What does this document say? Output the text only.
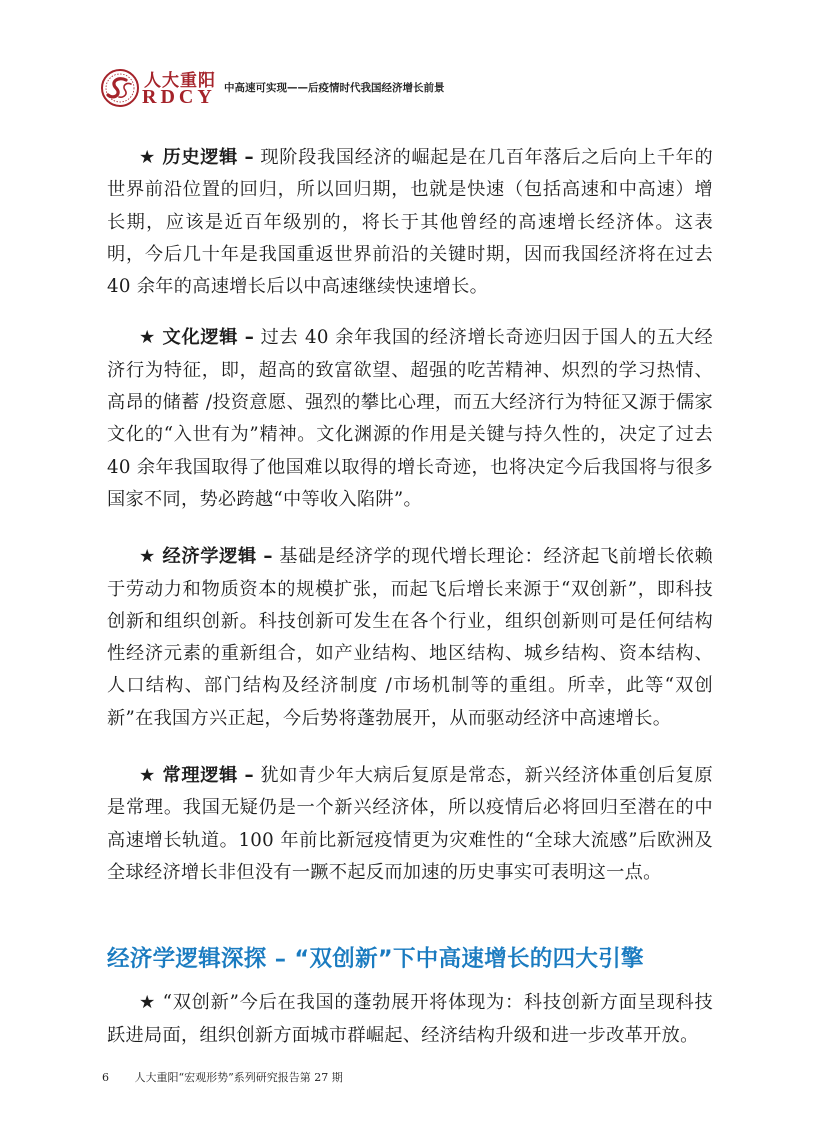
人大重阳
RDCY 中高速可实现——后疫情时代我国经济增长前景

★ 历史逻辑 – 现阶段我国经济的崛起是在几百年落后之后向上千年的世界前沿位置的回归，所以回归期，也就是快速（包括高速和中高速）增长期，应该是近百年级别的，将长于其他曾经的高速增长经济体。这表明，今后几十年是我国重返世界前沿的关键时期，因而我国经济将在过去 40 余年的高速增长后以中高速继续快速增长。

★ 文化逻辑 – 过去 40 余年我国的经济增长奇迹归因于国人的五大经济行为特征，即，超高的致富欲望、超强的吃苦精神、炽烈的学习热情、高昂的储蓄 /投资意愿、强烈的攀比心理，而五大经济行为特征又源于儒家文化的“入世有为”精神。文化渊源的作用是关键与持久性的，决定了过去 40 余年我国取得了他国难以取得的增长奇迹，也将决定今后我国将与很多国家不同，势必跨越“中等收入陷阱”。

★ 经济学逻辑 – 基础是经济学的现代增长理论：经济起飞前增长依赖于劳动力和物质资本的规模扩张，而起飞后增长来源于“双创新”，即科技创新和组织创新。科技创新可发生在各个行业，组织创新则可是任何结构性经济元素的重新组合，如产业结构、地区结构、城乡结构、资本结构、人口结构、部门结构及经济制度 /市场机制等的重组。所幸，此等“双创新”在我国方兴正起，今后势将蓬勃展开，从而驱动经济中高速增长。

★ 常理逻辑 – 犹如青少年大病后复原是常态，新兴经济体重创后复原是常理。我国无疑仍是一个新兴经济体，所以疫情后必将回归至潜在的中高速增长轨道。100 年前比新冠疫情更为灾难性的“全球大流感”后欧洲及全球经济增长非但没有一蹶不起反而加速的历史事实可表明这一点。

经济学逻辑深探 – “双创新”下中高速增长的四大引擎

★ “双创新”今后在我国的蓬勃展开将体现为：科技创新方面呈现科技跃进局面，组织创新方面城市群崛起、经济结构升级和进一步改革开放。

6 人大重阳“宏观形势”系列研究报告第 27 期
